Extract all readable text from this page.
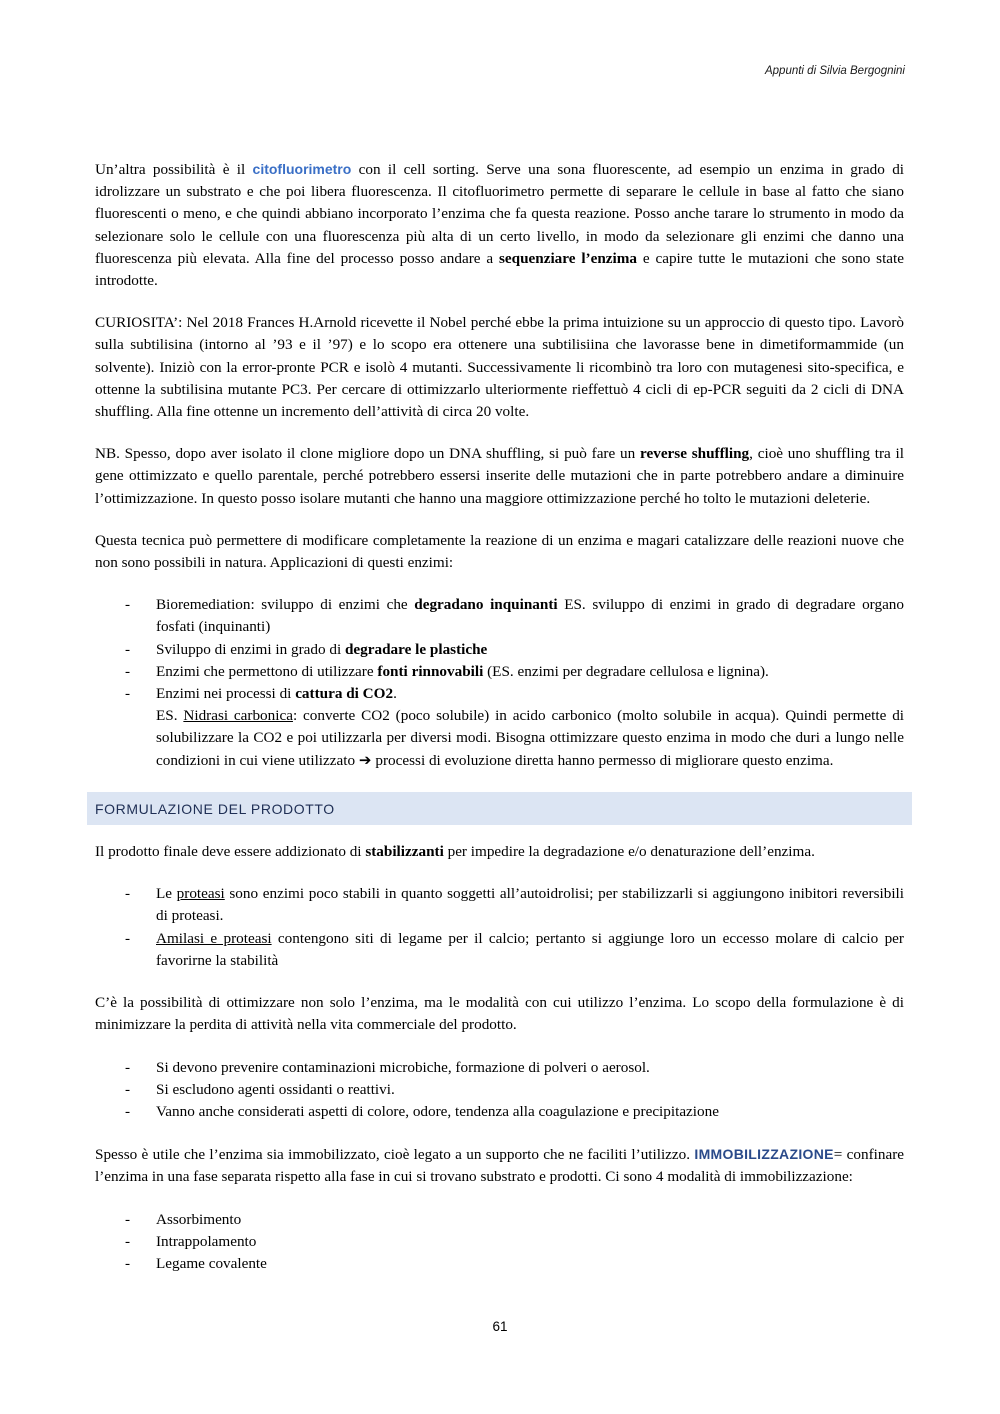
Appunti di Silvia Bergognini

Un’altra possibilità è il citofluorimetro con il cell sorting. Serve una sona fluorescente, ad esempio un enzima in grado di idrolizzare un substrato e che poi libera fluorescenza. Il citofluorimetro permette di separare le cellule in base al fatto che siano fluorescenti o meno, e che quindi abbiano incorporato l’enzima che fa questa reazione. Posso anche tarare lo strumento in modo da selezionare solo le cellule con una fluorescenza più alta di un certo livello, in modo da selezionare gli enzimi che danno una fluorescenza più elevata. Alla fine del processo posso andare a sequenziare l’enzima e capire tutte le mutazioni che sono state introdotte.

CURIOSITA’: Nel 2018 Frances H.Arnold ricevette il Nobel perché ebbe la prima intuizione su un approccio di questo tipo. Lavorò sulla subtilisina (intorno al ’93 e il ’97) e lo scopo era ottenere una subtilisiina che lavorasse bene in dimetiformammide (un solvente). Iniziò con la error-pronte PCR e isolò 4 mutanti. Successivamente li ricombinò tra loro con mutagenesi sito-specifica, e ottenne la subtilisina mutante PC3. Per cercare di ottimizzarlo ulteriormente rieffettuò 4 cicli di ep-PCR seguiti da 2 cicli di DNA shuffling. Alla fine ottenne un incremento dell’attività di circa 20 volte.

NB. Spesso, dopo aver isolato il clone migliore dopo un DNA shuffling, si può fare un reverse shuffling, cioè uno shuffling tra il gene ottimizzato e quello parentale, perché potrebbero essersi inserite delle mutazioni che in parte potrebbero andare a diminuire l’ottimizzazione. In questo posso isolare mutanti che hanno una maggiore ottimizzazione perché ho tolto le mutazioni deleterie.

Questa tecnica può permettere di modificare completamente la reazione di un enzima e magari catalizzare delle reazioni nuove che non sono possibili in natura. Applicazioni di questi enzimi:

- Bioremediation: sviluppo di enzimi che degradano inquinanti ES. sviluppo di enzimi in grado di degradare organo fosfati (inquinanti)
- Sviluppo di enzimi in grado di degradare le plastiche
- Enzimi che permettono di utilizzare fonti rinnovabili (ES. enzimi per degradare cellulosa e lignina).
- Enzimi nei processi di cattura di CO2.
ES. Nidrasi carbonica: converte CO2 (poco solubile) in acido carbonico (molto solubile in acqua). Quindi permette di solubilizzare la CO2 e poi utilizzarla per diversi modi. Bisogna ottimizzare questo enzima in modo che duri a lungo nelle condizioni in cui viene utilizzato ➔ processi di evoluzione diretta hanno permesso di migliorare questo enzima.
FORMULAZIONE DEL PRODOTTO

Il prodotto finale deve essere addizionato di stabilizzanti per impedire la degradazione e/o denaturazione dell’enzima.

- Le proteasi sono enzimi poco stabili in quanto soggetti all’autoidrolisi; per stabilizzarli si aggiungono inibitori reversibili di proteasi.
- Amilasi e proteasi contengono siti di legame per il calcio; pertanto si aggiunge loro un eccesso molare di calcio per favorirne la stabilità

C’è la possibilità di ottimizzare non solo l’enzima, ma le modalità con cui utilizzo l’enzima. Lo scopo della formulazione è di minimizzare la perdita di attività nella vita commerciale del prodotto.

- Si devono prevenire contaminazioni microbiche, formazione di polveri o aerosol.
- Si escludono agenti ossidanti o reattivi.
- Vanno anche considerati aspetti di colore, odore, tendenza alla coagulazione e precipitazione

Spesso è utile che l’enzima sia immobilizzato, cioè legato a un supporto che ne faciliti l’utilizzo. IMMOBILIZZAZIONE= confinare l’enzima in una fase separata rispetto alla fase in cui si trovano substrato e prodotti. Ci sono 4 modalità di immobilizzazione:

- Assorbimento
- Intrappolamento
- Legame covalente
61
